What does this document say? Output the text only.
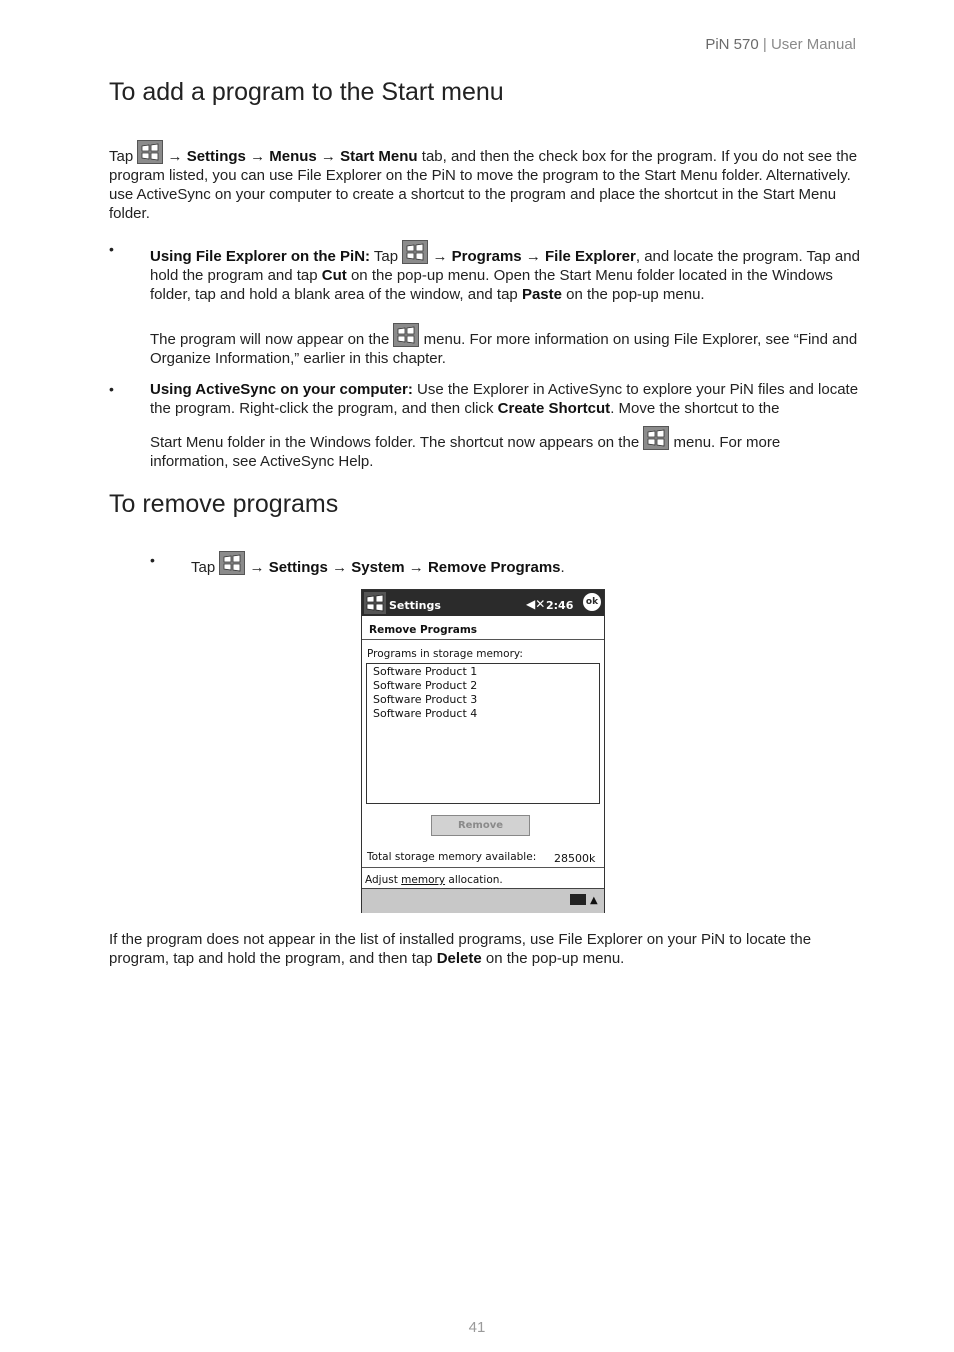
PiN 570 | User Manual
To add a program to the Start menu

Tap → Settings → Menus → Start Menu tab, and then the check box for the program. If you do not see the program listed, you can use File Explorer on the PiN to move the program to the Start Menu folder. Alternatively. use ActiveSync on your computer to create a shortcut to the program and place the shortcut in the Start Menu folder.

• Using File Explorer on the PiN: Tap
→ Programs → File Explorer, and locate the program. Tap and hold the program and tap Cut on the pop-up menu. Open the Start Menu folder located in the Windows folder, tap and hold a blank area of the window, and tap Paste on the pop-up menu.
The program will now appear on the
menu. For more information on using File Explorer, see “Find and Organize Information,” earlier in this chapter.
• Using ActiveSync on your computer: Use the Explorer in ActiveSync to explore your PiN files and locate the program. Right-click the program, and then click Create Shortcut. Move the shortcut to the
Start Menu folder in the Windows folder. The shortcut now appears on the
menu. For more information, see ActiveSync Help.
To remove programs
• Tap
→ Settings → System → Remove Programs.
Settings	◀✕ 2:46	ok
Remove Programs
Programs in storage memory:
Software Product 1
Software Product 2
Software Product 3
Software Product 4
Remove
Total storage memory available: 28500k
Adjust memory allocation.
▲

If the program does not appear in the list of installed programs, use File Explorer on your PiN to locate the program, tap and hold the program, and then tap Delete on the pop-up menu.

41
